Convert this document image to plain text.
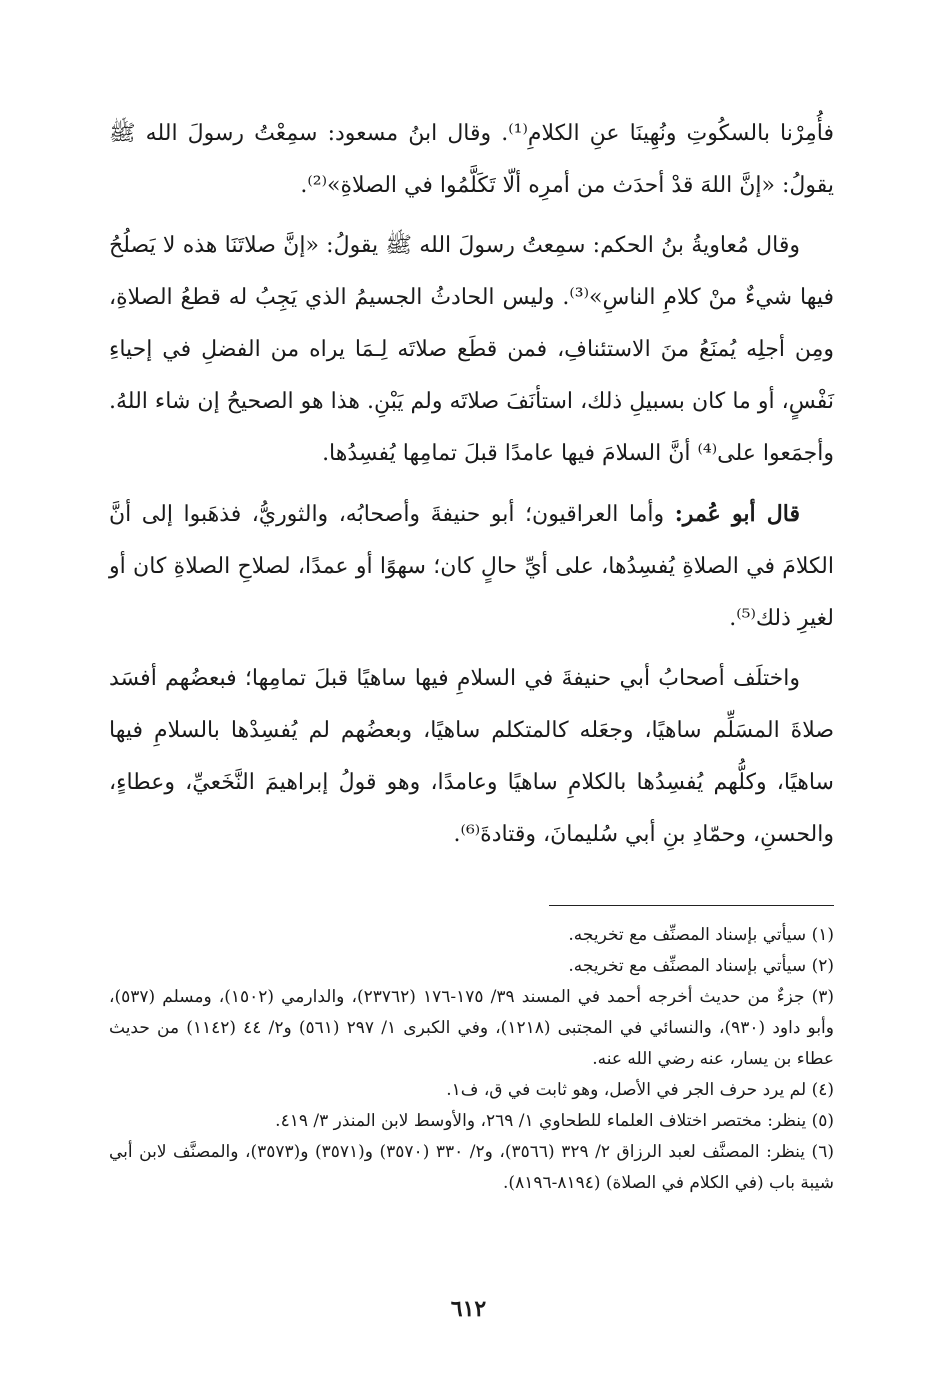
فأُمِرْنا بالسكُوتِ ونُهِينَا عنِ الكلامِ⁽¹⁾. وقال ابنُ مسعود: سمِعْتُ رسولَ الله ﷺ يقولُ: «إنَّ اللهَ قدْ أحدَث من أمرِه ألّا تَكَلَّمُوا في الصلاةِ»⁽²⁾.

وقال مُعاويةُ بنُ الحكم: سمِعتُ رسولَ الله ﷺ يقولُ: «إنَّ صلاتَنَا هذه لا يَصلُحُ فيها شيءٌ منْ كلامِ الناسِ»⁽³⁾. وليس الحادثُ الجسيمُ الذي يَجِبُ له قطعُ الصلاةِ، ومِن أجلِه يُمنَعُ منَ الاستئنافِ، فمن قطَع صلاتَه لِـمَا يراه من الفضلِ في إحياءِ نَفْسٍ، أو ما كان بسبيلِ ذلك، استأنَفَ صلاتَه ولم يَبْنِ. هذا هو الصحيحُ إن شاء اللهُ. وأجمَعوا على⁽⁴⁾ أنَّ السلامَ فيها عامدًا قبلَ تمامِها يُفسِدُها.

قال أبو عُمر: وأما العراقيون؛ أبو حنيفةَ وأصحابُه، والثوريُّ، فذهَبوا إلى أنَّ الكلامَ في الصلاةِ يُفسِدُها، على أيِّ حالٍ كان؛ سهوًا أو عمدًا، لصلاحِ الصلاةِ كان أو لغيرِ ذلك⁽⁵⁾.

واختلَف أصحابُ أبي حنيفةَ في السلامِ فيها ساهيًا قبلَ تمامِها؛ فبعضُهم أفسَد صلاةَ المسَلِّم ساهيًا، وجعَله كالمتكلم ساهيًا، وبعضُهم لم يُفسِدْها بالسلامِ فيها ساهيًا، وكلُّهم يُفسِدُها بالكلامِ ساهيًا وعامدًا، وهو قولُ إبراهيمَ النَّخَعيِّ، وعطاءٍ، والحسنِ، وحمّادِ بنِ أبي سُليمانَ، وقتادةَ⁽⁶⁾.

(١) سيأتي بإسناد المصنِّف مع تخريجه.

(٢) سيأتي بإسناد المصنِّف مع تخريجه.

(٣) جزءٌ من حديث أخرجه أحمد في المسند ٣٩/ ١٧٥-١٧٦ (٢٣٧٦٢)، والدارمي (١٥٠٢)، ومسلم (٥٣٧)، وأبو داود (٩٣٠)، والنسائي في المجتبى (١٢١٨)، وفي الكبرى ١/ ٢٩٧ (٥٦١) و٢/ ٤٤ (١١٤٢) من حديث عطاء بن يسار، عنه رضي الله عنه.

(٤) لم يرد حرف الجر في الأصل، وهو ثابت في ق، ف١.

(٥) ينظر: مختصر اختلاف العلماء للطحاوي ١/ ٢٦٩، والأوسط لابن المنذر ٣/ ٤١٩.

(٦) ينظر: المصنَّف لعبد الرزاق ٢/ ٣٢٩ (٣٥٦٦)، و٢/ ٣٣٠ (٣٥٧٠) و(٣٥٧١) و(٣٥٧٣)، والمصنَّف لابن أبي شيبة باب (في الكلام في الصلاة) (٨١٩٤-٨١٩٦).

٦١٢
